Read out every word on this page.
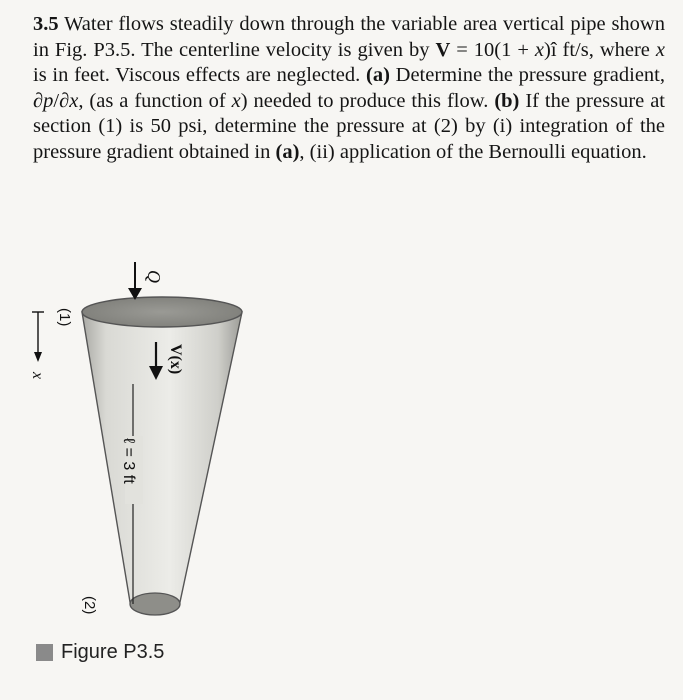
3.5 Water flows steadily down through the variable area vertical pipe shown in Fig. P3.5. The centerline velocity is given by V = 10(1 + x)î ft/s, where x is in feet. Viscous effects are neglected. (a) Determine the pressure gradient, ∂p/∂x, (as a function of x) needed to produce this flow. (b) If the pressure at section (1) is 50 psi, determine the pressure at (2) by (i) integration of the pressure gradient obtained in (a), (ii) application of the Bernoulli equation.
Q
V(x)
ℓ = 3 ft
(1)
(2)
x
Figure P3.5
